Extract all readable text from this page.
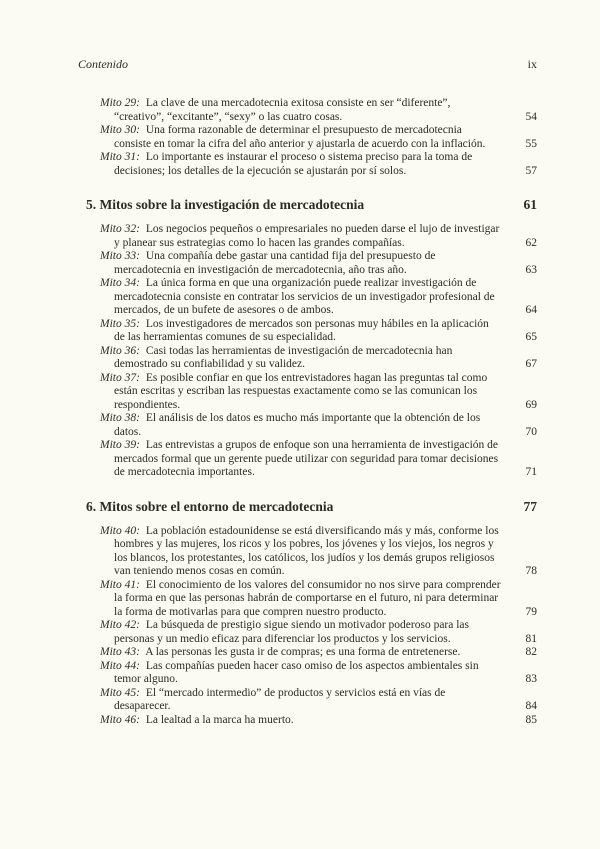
Contenido	ix
Mito 29: La clave de una mercadotecnia exitosa consiste en ser “diferente”, “creativo”, “excitante”, “sexy” o las cuatro cosas.	54
Mito 30: Una forma razonable de determinar el presupuesto de mercadotecnia consiste en tomar la cifra del año anterior y ajustarla de acuerdo con la inflación.	55
Mito 31: Lo importante es instaurar el proceso o sistema preciso para la toma de decisiones; los detalles de la ejecución se ajustarán por sí solos.	57
5. Mitos sobre la investigación de mercadotecnia	61
Mito 32: Los negocios pequeños o empresariales no pueden darse el lujo de investigar y planear sus estrategias como lo hacen las grandes compañías.	62
Mito 33: Una compañía debe gastar una cantidad fija del presupuesto de mercadotecnia en investigación de mercadotecnia, año tras año.	63
Mito 34: La única forma en que una organización puede realizar investigación de mercadotecnia consiste en contratar los servicios de un investigador profesional de mercados, de un bufete de asesores o de ambos.	64
Mito 35: Los investigadores de mercados son personas muy hábiles en la aplicación de las herramientas comunes de su especialidad.	65
Mito 36: Casi todas las herramientas de investigación de mercadotecnia han demostrado su confiabilidad y su validez.	67
Mito 37: Es posible confiar en que los entrevistadores hagan las preguntas tal como están escritas y escriban las respuestas exactamente como se las comunican los respondientes.	69
Mito 38: El análisis de los datos es mucho más importante que la obtención de los datos.	70
Mito 39: Las entrevistas a grupos de enfoque son una herramienta de investigación de mercados formal que un gerente puede utilizar con seguridad para tomar decisiones de mercadotecnia importantes.	71
6. Mitos sobre el entorno de mercadotecnia	77
Mito 40: La población estadounidense se está diversificando más y más, conforme los hombres y las mujeres, los ricos y los pobres, los jóvenes y los viejos, los negros y los blancos, los protestantes, los católicos, los judíos y los demás grupos religiosos van teniendo menos cosas en común.	78
Mito 41: El conocimiento de los valores del consumidor no nos sirve para comprender la forma en que las personas habrán de comportarse en el futuro, ni para determinar la forma de motivarlas para que compren nuestro producto.	79
Mito 42: La búsqueda de prestigio sigue siendo un motivador poderoso para las personas y un medio eficaz para diferenciar los productos y los servicios.	81
Mito 43: A las personas les gusta ir de compras; es una forma de entretenerse.	82
Mito 44: Las compañías pueden hacer caso omiso de los aspectos ambientales sin temor alguno.	83
Mito 45: El “mercado intermedio” de productos y servicios está en vías de desaparecer.	84
Mito 46: La lealtad a la marca ha muerto.	85
